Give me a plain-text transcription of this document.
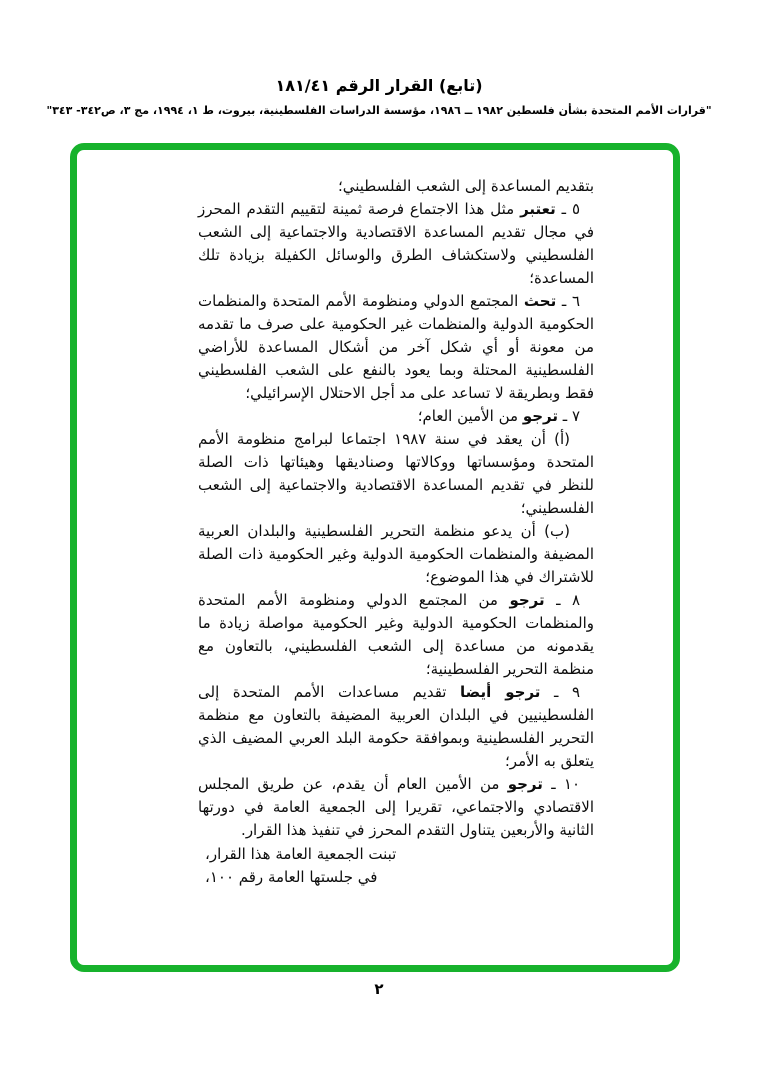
(تابع) القرار الرقم ١٨١/٤١
"قرارات الأمم المتحدة بشأن فلسطين ١٩٨٢ ــ ١٩٨٦، مؤسسة الدراسات الفلسطينية، بيروت، ط ١، ١٩٩٤، مج ٣، ص٣٤٢- ٣٤٣"

بتقديم المساعدة إلى الشعب الفلسطيني؛

٥ ـ تعتبر مثل هذا الاجتماع فرصة ثمينة لتقييم التقدم المحرز في مجال تقديم المساعدة الاقتصادية والاجتماعية إلى الشعب الفلسطيني ولاستكشاف الطرق والوسائل الكفيلة بزيادة تلك المساعدة؛

٦ ـ تحث المجتمع الدولي ومنظومة الأمم المتحدة والمنظمات الحكومية الدولية والمنظمات غير الحكومية على صرف ما تقدمه من معونة أو أي شكل آخر من أشكال المساعدة للأراضي الفلسطينية المحتلة وبما يعود بالنفع على الشعب الفلسطيني فقط وبطريقة لا تساعد على مد أجل الاحتلال الإسرائيلي؛

٧ ـ ترجو من الأمين العام؛

(أ) أن يعقد في سنة ١٩٨٧ اجتماعا لبرامج منظومة الأمم المتحدة ومؤسساتها ووكالاتها وصناديقها وهيئاتها ذات الصلة للنظر في تقديم المساعدة الاقتصادية والاجتماعية إلى الشعب الفلسطيني؛

(ب) أن يدعو منظمة التحرير الفلسطينية والبلدان العربية المضيفة والمنظمات الحكومية الدولية وغير الحكومية ذات الصلة للاشتراك في هذا الموضوع؛

٨ ـ ترجو من المجتمع الدولي ومنظومة الأمم المتحدة والمنظمات الحكومية الدولية وغير الحكومية مواصلة زيادة ما يقدمونه من مساعدة إلى الشعب الفلسطيني، بالتعاون مع منظمة التحرير الفلسطينية؛

٩ ـ ترجو أيضا تقديم مساعدات الأمم المتحدة إلى الفلسطينيين في البلدان العربية المضيفة بالتعاون مع منظمة التحرير الفلسطينية وبموافقة حكومة البلد العربي المضيف الذي يتعلق به الأمر؛

١٠ ـ ترجو من الأمين العام أن يقدم، عن طريق المجلس الاقتصادي والاجتماعي، تقريرا إلى الجمعية العامة في دورتها الثانية والأربعين يتناول التقدم المحرز في تنفيذ هذا القرار.

تبنت الجمعية العامة هذا القرار،
في جلستها العامة رقم ١٠٠،
٢
